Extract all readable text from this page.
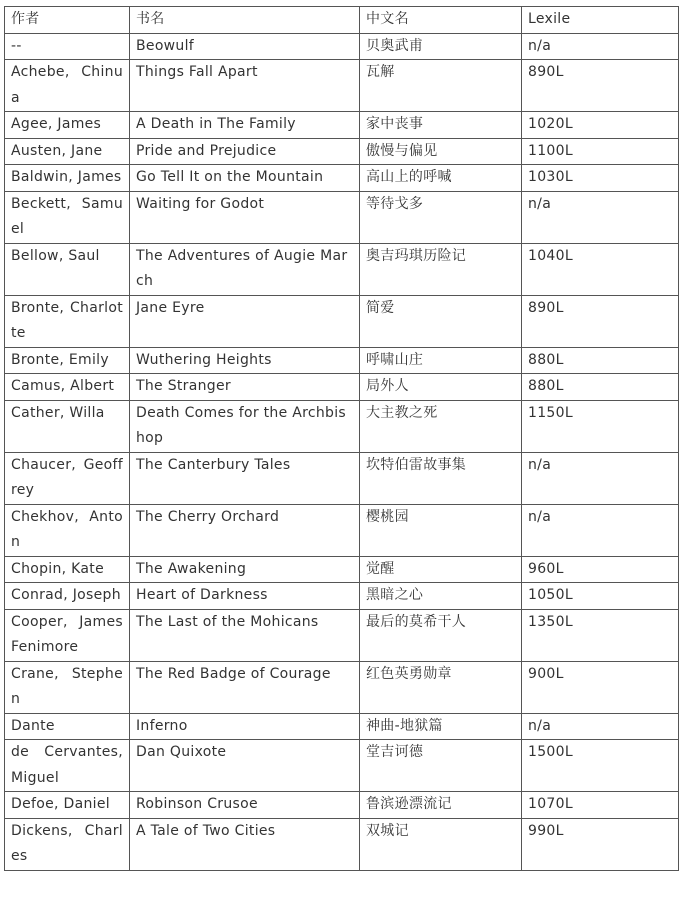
作者	书名	中文名	Lexile
--	Beowulf	贝奥武甫	n/a
Achebe, Chinua	Things Fall Apart	瓦解	890L
Agee, James	A Death in The Family	家中丧事	1020L
Austen, Jane	Pride and Prejudice	傲慢与偏见	1100L
Baldwin, James	Go Tell It on the Mountain	高山上的呼喊	1030L
Beckett, Samuel	Waiting for Godot	等待戈多	n/a
Bellow, Saul	The Adventures of Augie March	奥吉玛琪历险记	1040L
Bronte, Charlotte	Jane Eyre	简爱	890L
Bronte, Emily	Wuthering Heights	呼啸山庄	880L
Camus, Albert	The Stranger	局外人	880L
Cather, Willa	Death Comes for the Archbishop	大主教之死	1150L
Chaucer, Geoffrey	The Canterbury Tales	坎特伯雷故事集	n/a
Chekhov, Anton	The Cherry Orchard	樱桃园	n/a
Chopin, Kate	The Awakening	觉醒	960L
Conrad, Joseph	Heart of Darkness	黑暗之心	1050L
Cooper, James Fenimore	The Last of the Mohicans	最后的莫希干人	1350L
Crane, Stephen	The Red Badge of Courage	红色英勇勋章	900L
Dante	Inferno	神曲-地狱篇	n/a
de Cervantes, Miguel	Dan Quixote	堂吉诃德	1500L
Defoe, Daniel	Robinson Crusoe	鲁滨逊漂流记	1070L
Dickens, Charles	A Tale of Two Cities	双城记	990L
